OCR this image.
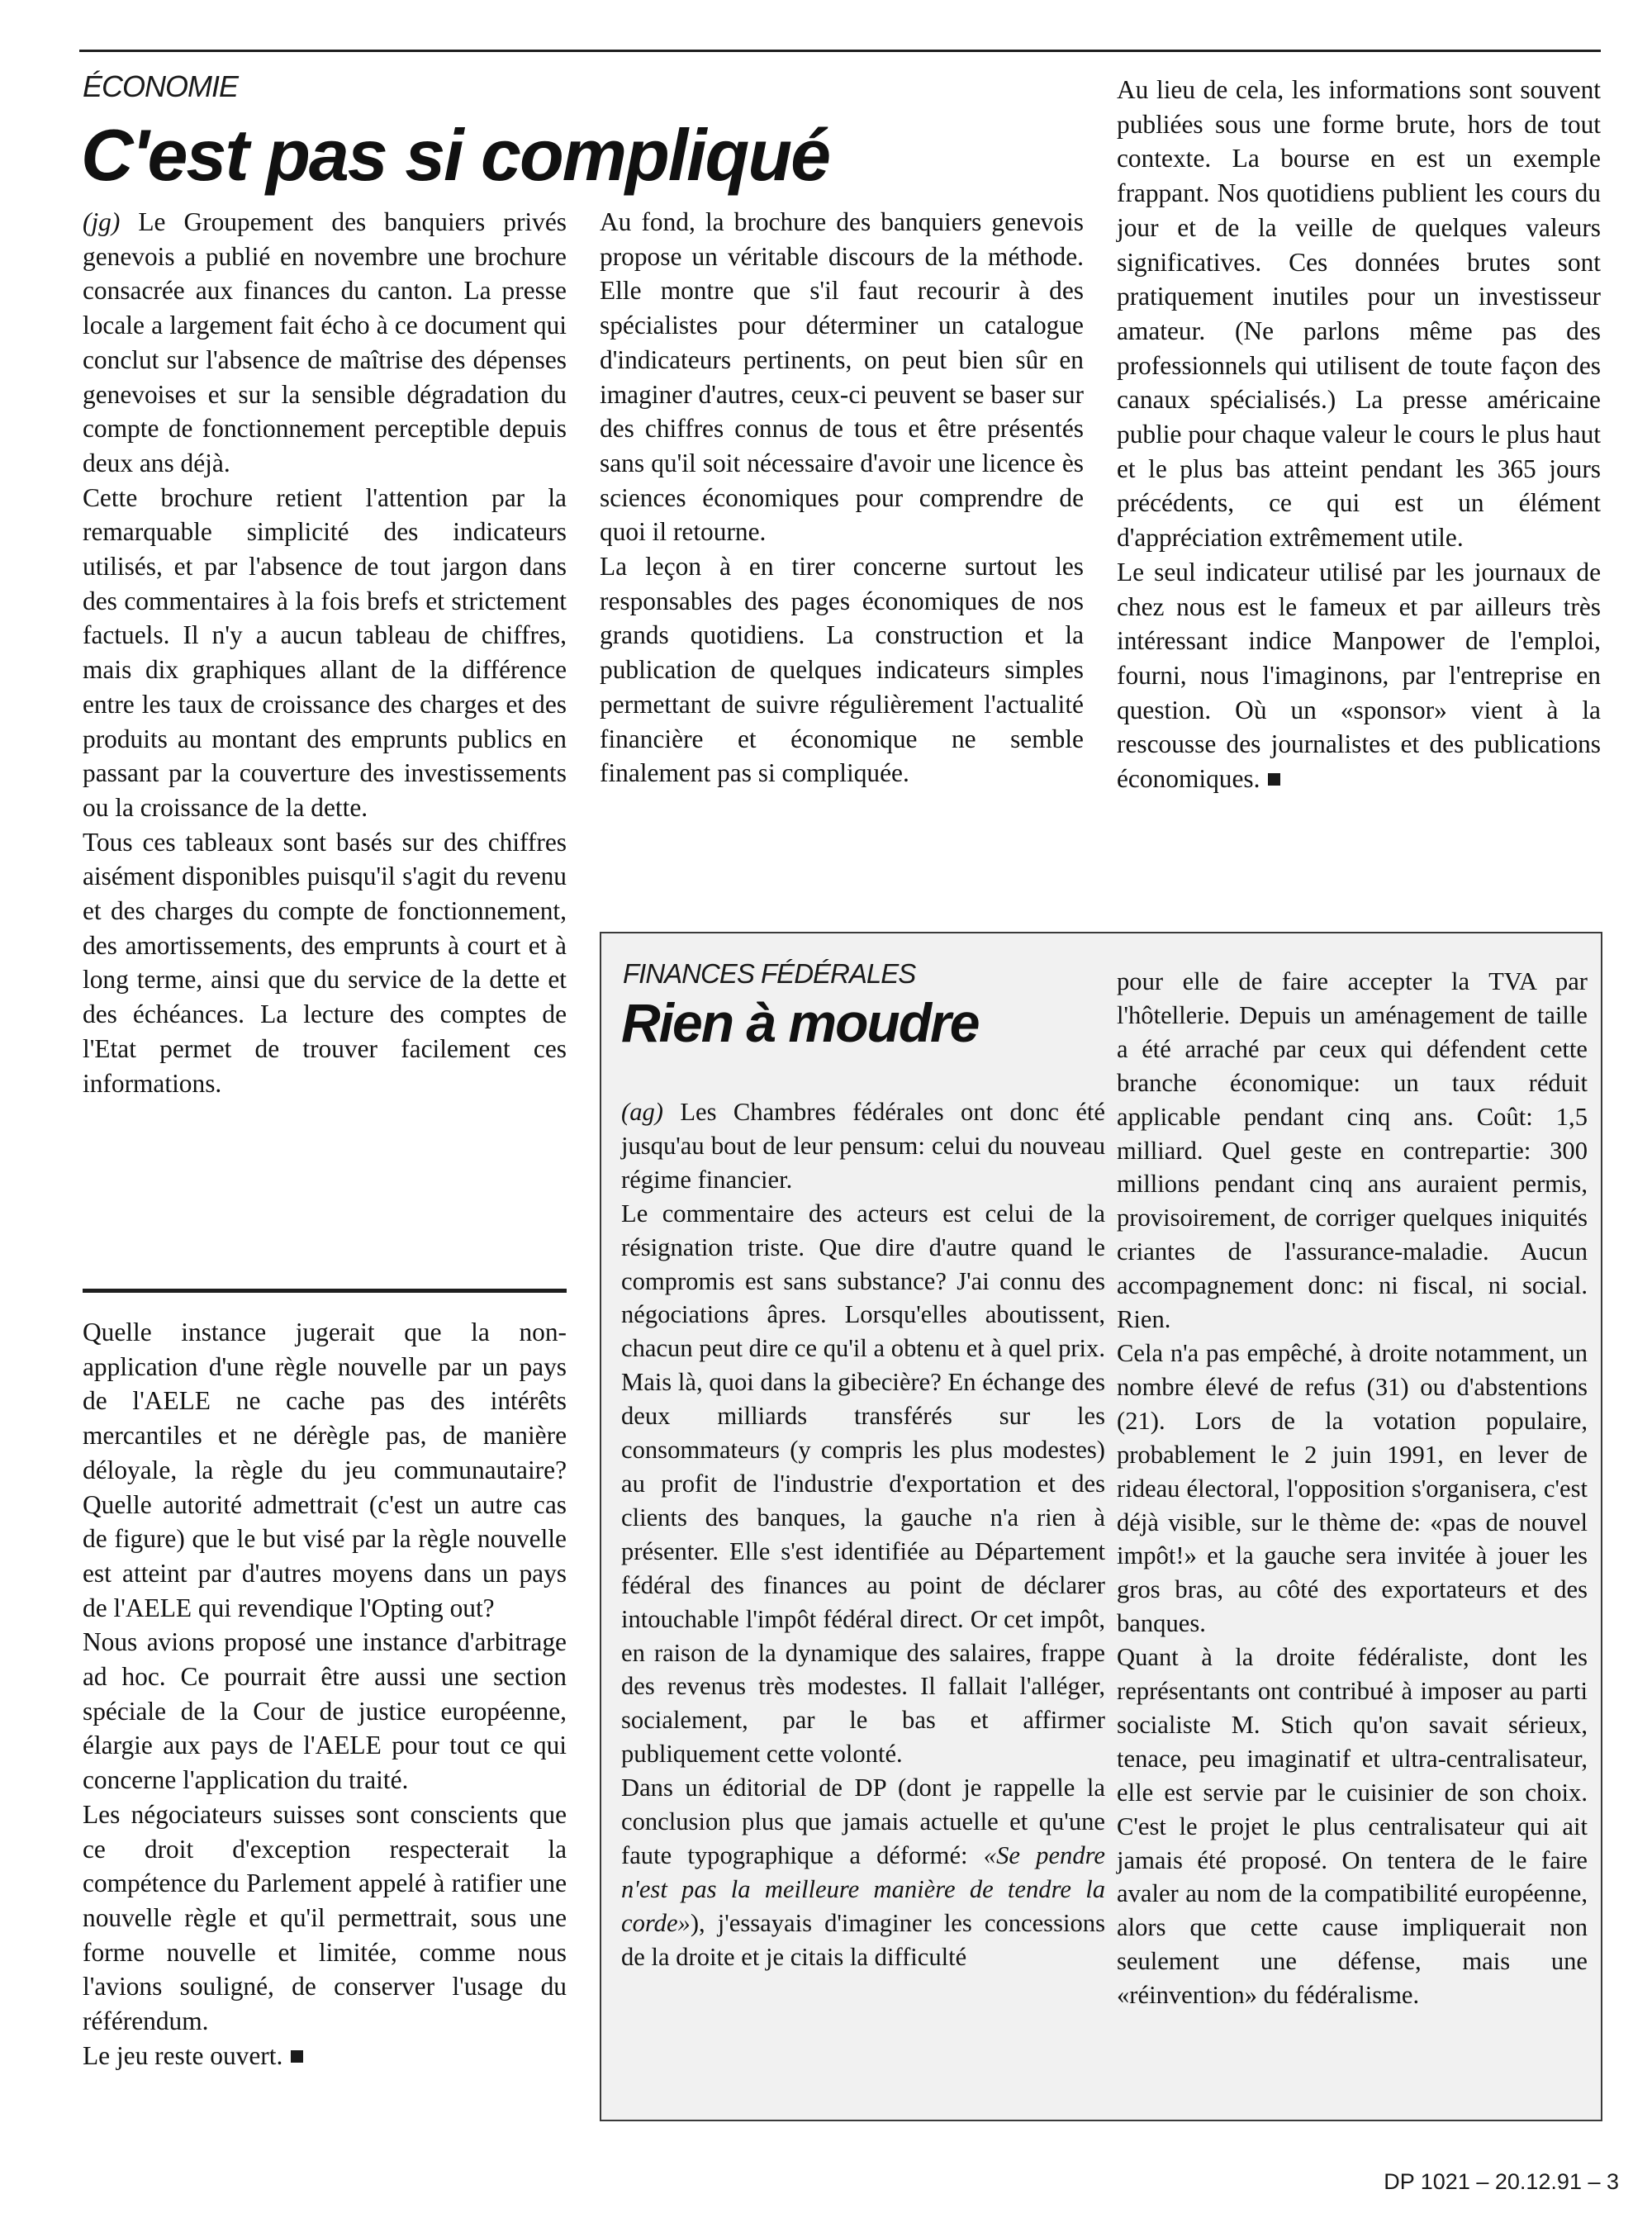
ÉCONOMIE
C'est pas si compliqué

(jg) Le Groupement des banquiers privés genevois a publié en novembre une brochure consacrée aux finances du canton. La presse locale a largement fait écho à ce document qui conclut sur l'absence de maîtrise des dépenses genevoises et sur la sensible dégradation du compte de fonctionnement perceptible depuis deux ans déjà.

Cette brochure retient l'attention par la remarquable simplicité des indicateurs utilisés, et par l'absence de tout jargon dans des commentaires à la fois brefs et strictement factuels. Il n'y a aucun tableau de chiffres, mais dix graphiques allant de la différence entre les taux de croissance des charges et des produits au montant des emprunts publics en passant par la couverture des investissements ou la croissance de la dette.

Tous ces tableaux sont basés sur des chiffres aisément disponibles puisqu'il s'agit du revenu et des charges du compte de fonctionnement, des amortissements, des emprunts à court et à long terme, ainsi que du service de la dette et des échéances. La lecture des comptes de l'Etat permet de trouver facilement ces informations.

Au fond, la brochure des banquiers genevois propose un véritable discours de la méthode. Elle montre que s'il faut recourir à des spécialistes pour déterminer un catalogue d'indicateurs pertinents, on peut bien sûr en imaginer d'autres, ceux-ci peuvent se baser sur des chiffres connus de tous et être présentés sans qu'il soit nécessaire d'avoir une licence ès sciences économiques pour comprendre de quoi il retourne.

La leçon à en tirer concerne surtout les responsables des pages économiques de nos grands quotidiens. La construction et la publication de quelques indicateurs simples permettant de suivre régulièrement l'actualité financière et économique ne semble finalement pas si compliquée.

Au lieu de cela, les informations sont souvent publiées sous une forme brute, hors de tout contexte. La bourse en est un exemple frappant. Nos quotidiens publient les cours du jour et de la veille de quelques valeurs significatives. Ces données brutes sont pratiquement inutiles pour un investisseur amateur. (Ne parlons même pas des professionnels qui utilisent de toute façon des canaux spécialisés.) La presse américaine publie pour chaque valeur le cours le plus haut et le plus bas atteint pendant les 365 jours précédents, ce qui est un élément d'appréciation extrêmement utile.

Le seul indicateur utilisé par les journaux de chez nous est le fameux et par ailleurs très intéressant indice Manpower de l'emploi, fourni, nous l'imaginons, par l'entreprise en question. Où un «sponsor» vient à la rescousse des journalistes et des publications économiques.

Quelle instance jugerait que la non-application d'une règle nouvelle par un pays de l'AELE ne cache pas des intérêts mercantiles et ne dérègle pas, de manière déloyale, la règle du jeu communautaire? Quelle autorité admettrait (c'est un autre cas de figure) que le but visé par la règle nouvelle est atteint par d'autres moyens dans un pays de l'AELE qui revendique l'Opting out?

Nous avions proposé une instance d'arbitrage ad hoc. Ce pourrait être aussi une section spéciale de la Cour de justice européenne, élargie aux pays de l'AELE pour tout ce qui concerne l'application du traité.

Les négociateurs suisses sont conscients que ce droit d'exception respecterait la compétence du Parlement appelé à ratifier une nouvelle règle et qu'il permettrait, sous une forme nouvelle et limitée, comme nous l'avions souligné, de conserver l'usage du référendum.

Le jeu reste ouvert.

FINANCES FÉDÉRALES
Rien à moudre

(ag) Les Chambres fédérales ont donc été jusqu'au bout de leur pensum: celui du nouveau régime financier.

Le commentaire des acteurs est celui de la résignation triste. Que dire d'autre quand le compromis est sans substance? J'ai connu des négociations âpres. Lorsqu'elles aboutissent, chacun peut dire ce qu'il a obtenu et à quel prix. Mais là, quoi dans la gibecière? En échange des deux milliards transférés sur les consommateurs (y compris les plus modestes) au profit de l'industrie d'exportation et des clients des banques, la gauche n'a rien à présenter. Elle s'est identifiée au Département fédéral des finances au point de déclarer intouchable l'impôt fédéral direct. Or cet impôt, en raison de la dynamique des salaires, frappe des revenus très modestes. Il fallait l'alléger, socialement, par le bas et affirmer publiquement cette volonté.

Dans un éditorial de DP (dont je rappelle la conclusion plus que jamais actuelle et qu'une faute typographique a déformé: «Se pendre n'est pas la meilleure manière de tendre la corde»), j'essayais d'imaginer les concessions de la droite et je citais la difficulté

pour elle de faire accepter la TVA par l'hôtellerie. Depuis un aménagement de taille a été arraché par ceux qui défendent cette branche économique: un taux réduit applicable pendant cinq ans. Coût: 1,5 milliard. Quel geste en contrepartie: 300 millions pendant cinq ans auraient permis, provisoirement, de corriger quelques iniquités criantes de l'assurance-maladie. Aucun accompagnement donc: ni fiscal, ni social. Rien.

Cela n'a pas empêché, à droite notamment, un nombre élevé de refus (31) ou d'abstentions (21). Lors de la votation populaire, probablement le 2 juin 1991, en lever de rideau électoral, l'opposition s'organisera, c'est déjà visible, sur le thème de: «pas de nouvel impôt!» et la gauche sera invitée à jouer les gros bras, au côté des exportateurs et des banques.

Quant à la droite fédéraliste, dont les représentants ont contribué à imposer au parti socialiste M. Stich qu'on savait sérieux, tenace, peu imaginatif et ultra-centralisateur, elle est servie par le cuisinier de son choix. C'est le projet le plus centralisateur qui ait jamais été proposé. On tentera de le faire avaler au nom de la compatibilité européenne, alors que cette cause impliquerait non seulement une défense, mais une «réinvention» du fédéralisme.

DP 1021 – 20.12.91 – 3
